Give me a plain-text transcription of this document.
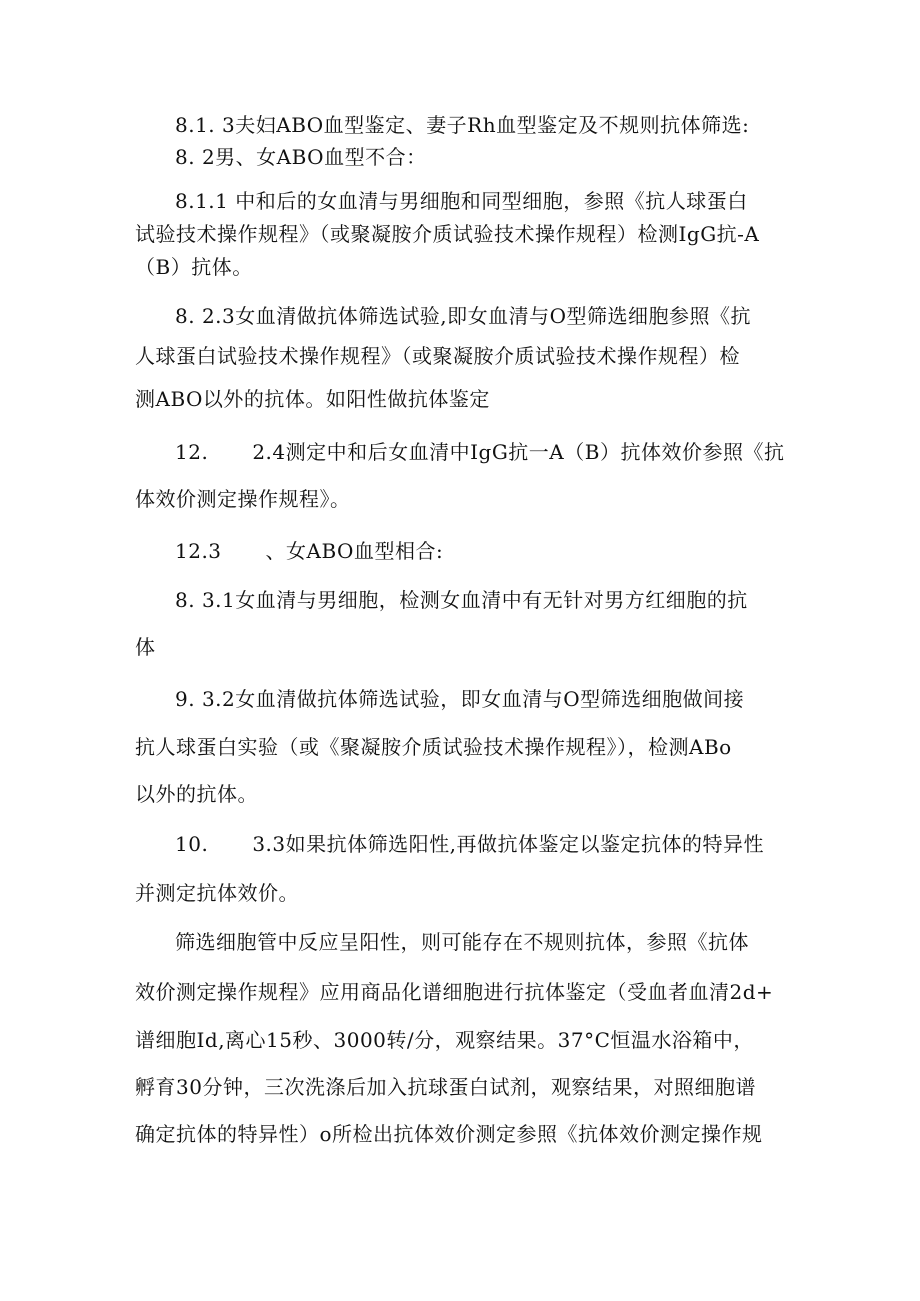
8.1. 3夫妇ABO血型鉴定、妻子Rh血型鉴定及不规则抗体筛选:
8. 2男、女ABO血型不合：
8.1.1 中和后的女血清与男细胞和同型细胞，参照《抗人球蛋白
试验技术操作规程》（或聚凝胺介质试验技术操作规程）检测IgG抗-A
（B）抗体。
8. 2.3女血清做抗体筛选试验,即女血清与O型筛选细胞参照《抗
人球蛋白试验技术操作规程》（或聚凝胺介质试验技术操作规程）检
测ABO以外的抗体。如阳性做抗体鉴定
12. 2.4测定中和后女血清中IgG抗一A（B）抗体效价参照《抗
体效价测定操作规程》。
12.3 、女ABO血型相合:
8. 3.1女血清与男细胞，检测女血清中有无针对男方红细胞的抗
体
9. 3.2女血清做抗体筛选试验，即女血清与O型筛选细胞做间接
抗人球蛋白实验（或《聚凝胺介质试验技术操作规程》），检测ABo
以外的抗体。
10. 3.3如果抗体筛选阳性,再做抗体鉴定以鉴定抗体的特异性
并测定抗体效价。
筛选细胞管中反应呈阳性，则可能存在不规则抗体，参照《抗体
效价测定操作规程》应用商品化谱细胞进行抗体鉴定（受血者血清2d+
谱细胞Id,离心15秒、3000转/分，观察结果。37°C恒温水浴箱中，
孵育30分钟，三次洗涤后加入抗球蛋白试剂，观察结果，对照细胞谱
确定抗体的特异性）o所检出抗体效价测定参照《抗体效价测定操作规
